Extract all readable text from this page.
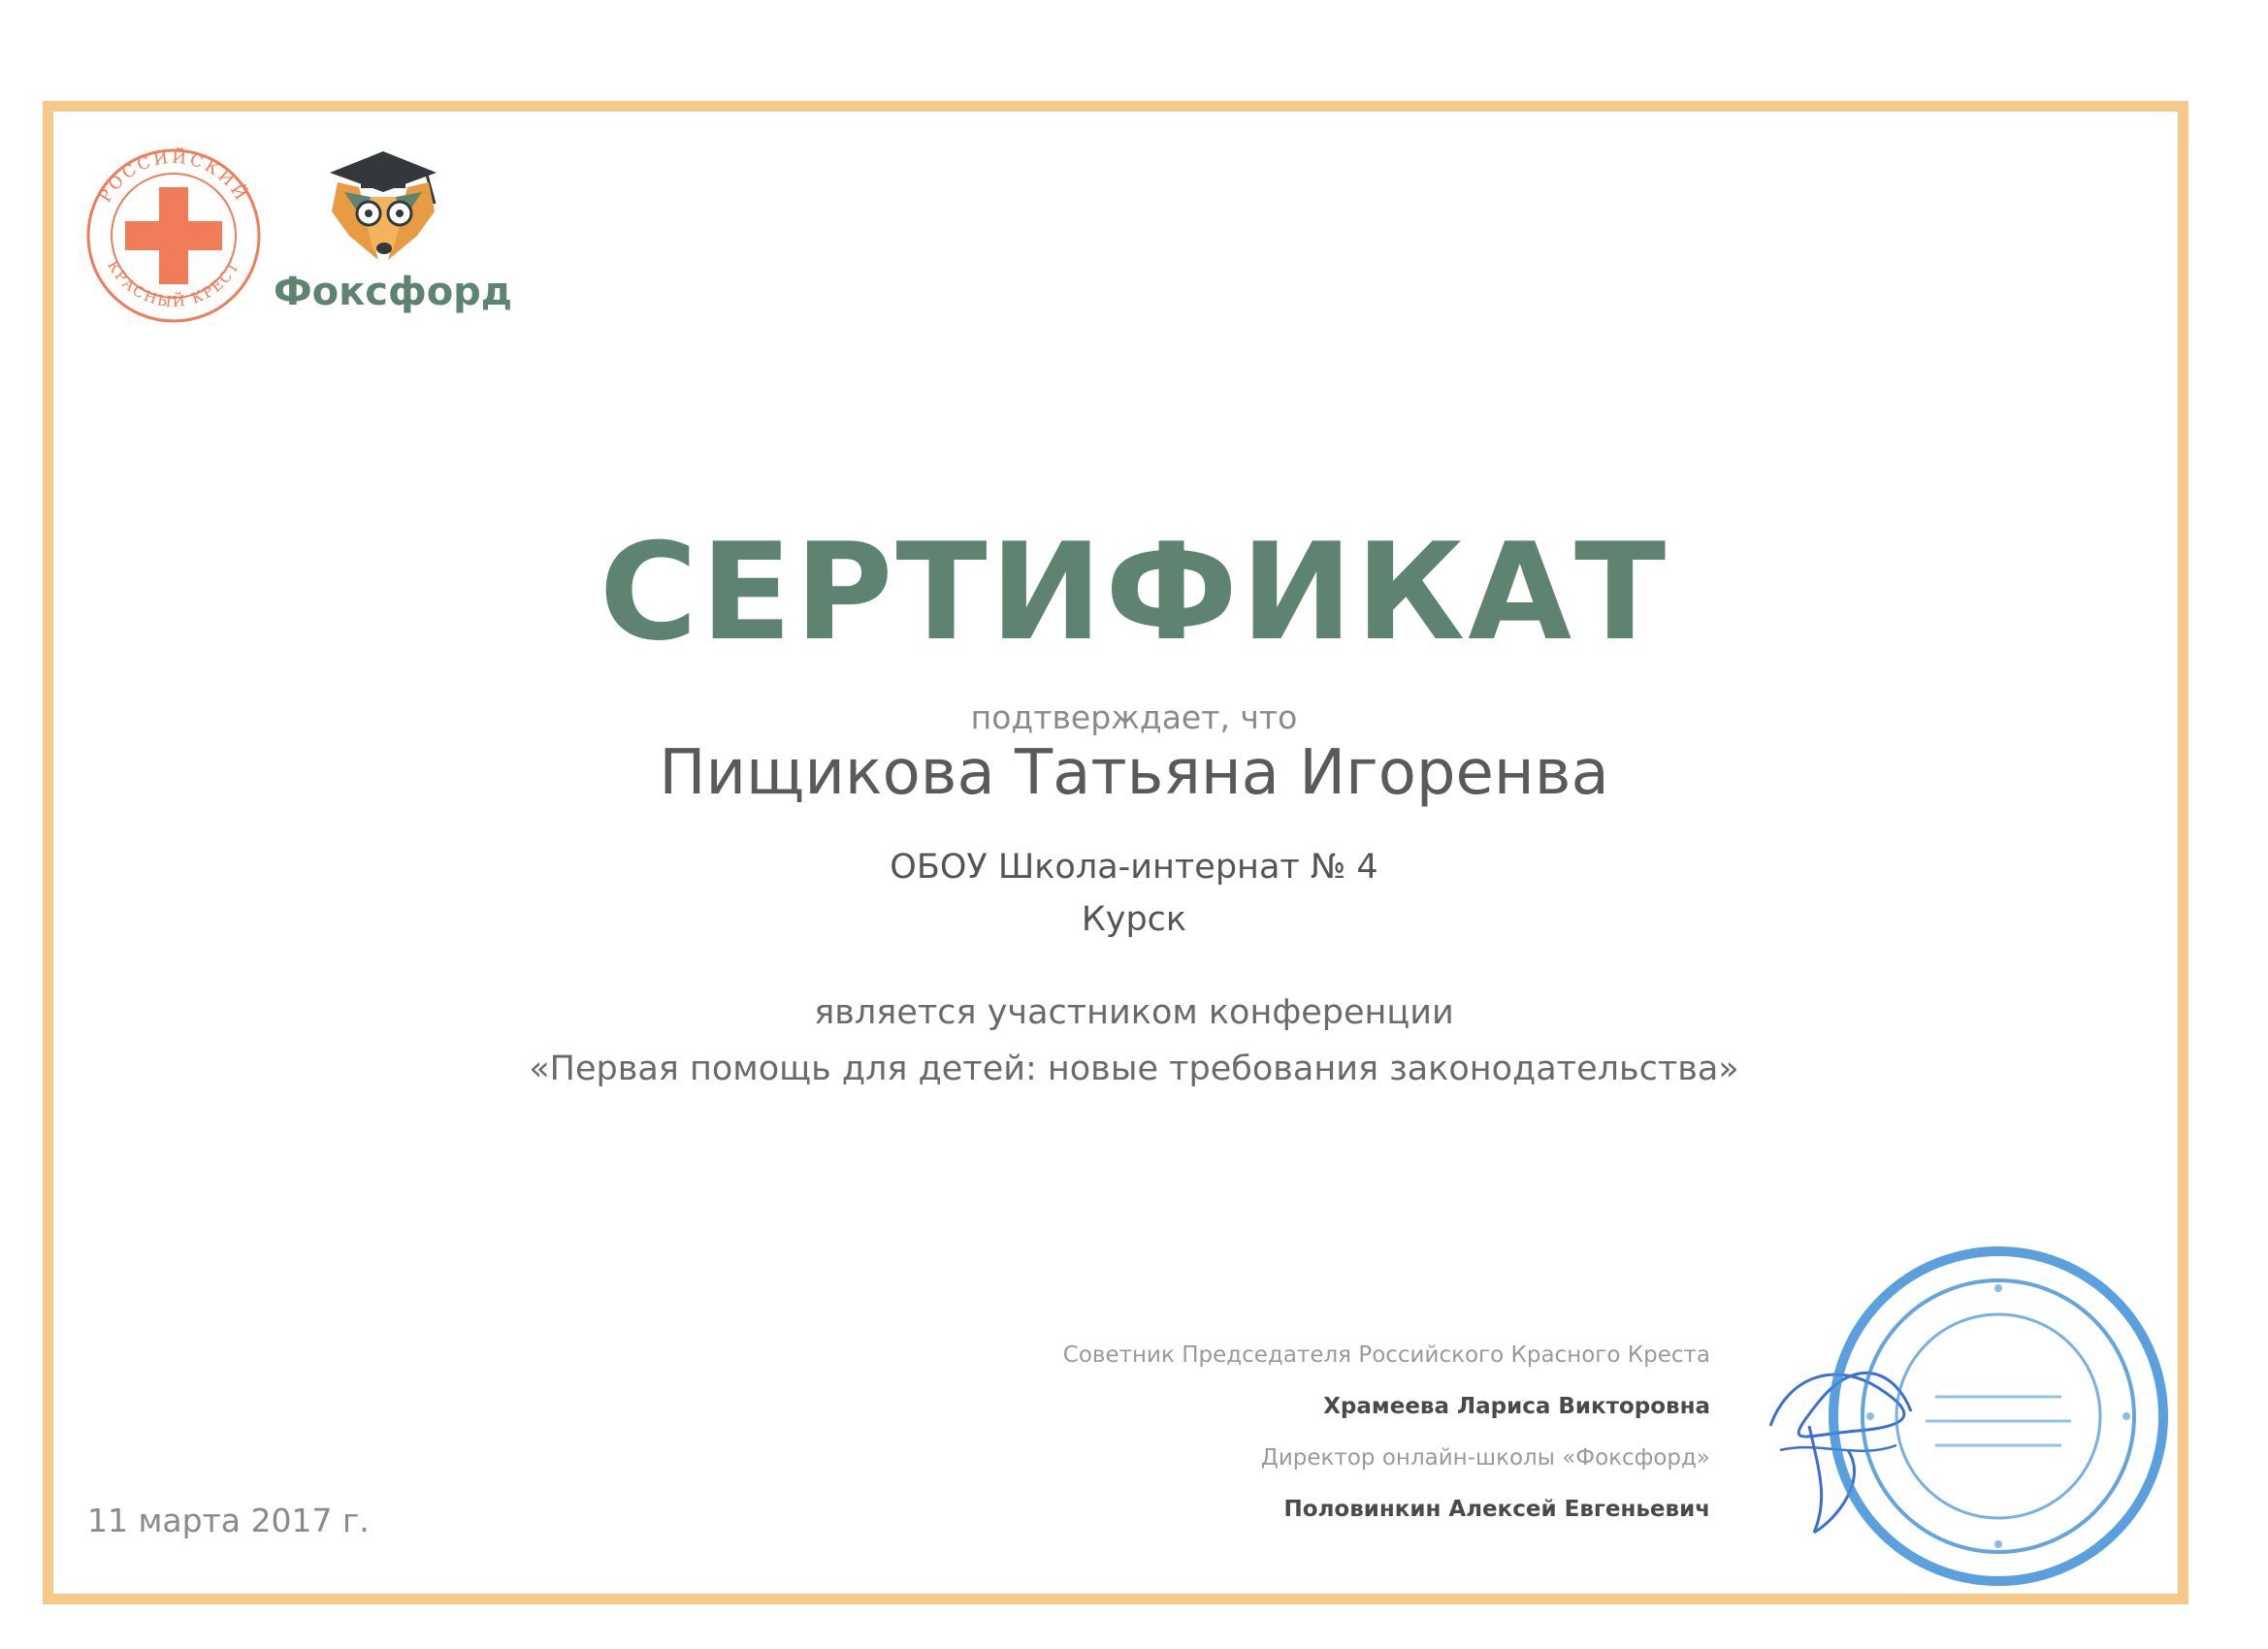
РОССИЙСКИЙ
КРАСНЫЙ КРЕСТ
Фоксфорд
СЕРТИФИКАТ
подтверждает, что
Пищикова Татьяна Игоренва
ОБОУ Школа-интернат № 4
Курск
является участником конференции
«Первая помощь для детей: новые требования законодательства»
Советник Председателя Российского Красного Креста
Храмеева Лариса Викторовна
Директор онлайн-школы «Фоксфорд»
Половинкин Алексей Евгеньевич
11 марта 2017 г.
